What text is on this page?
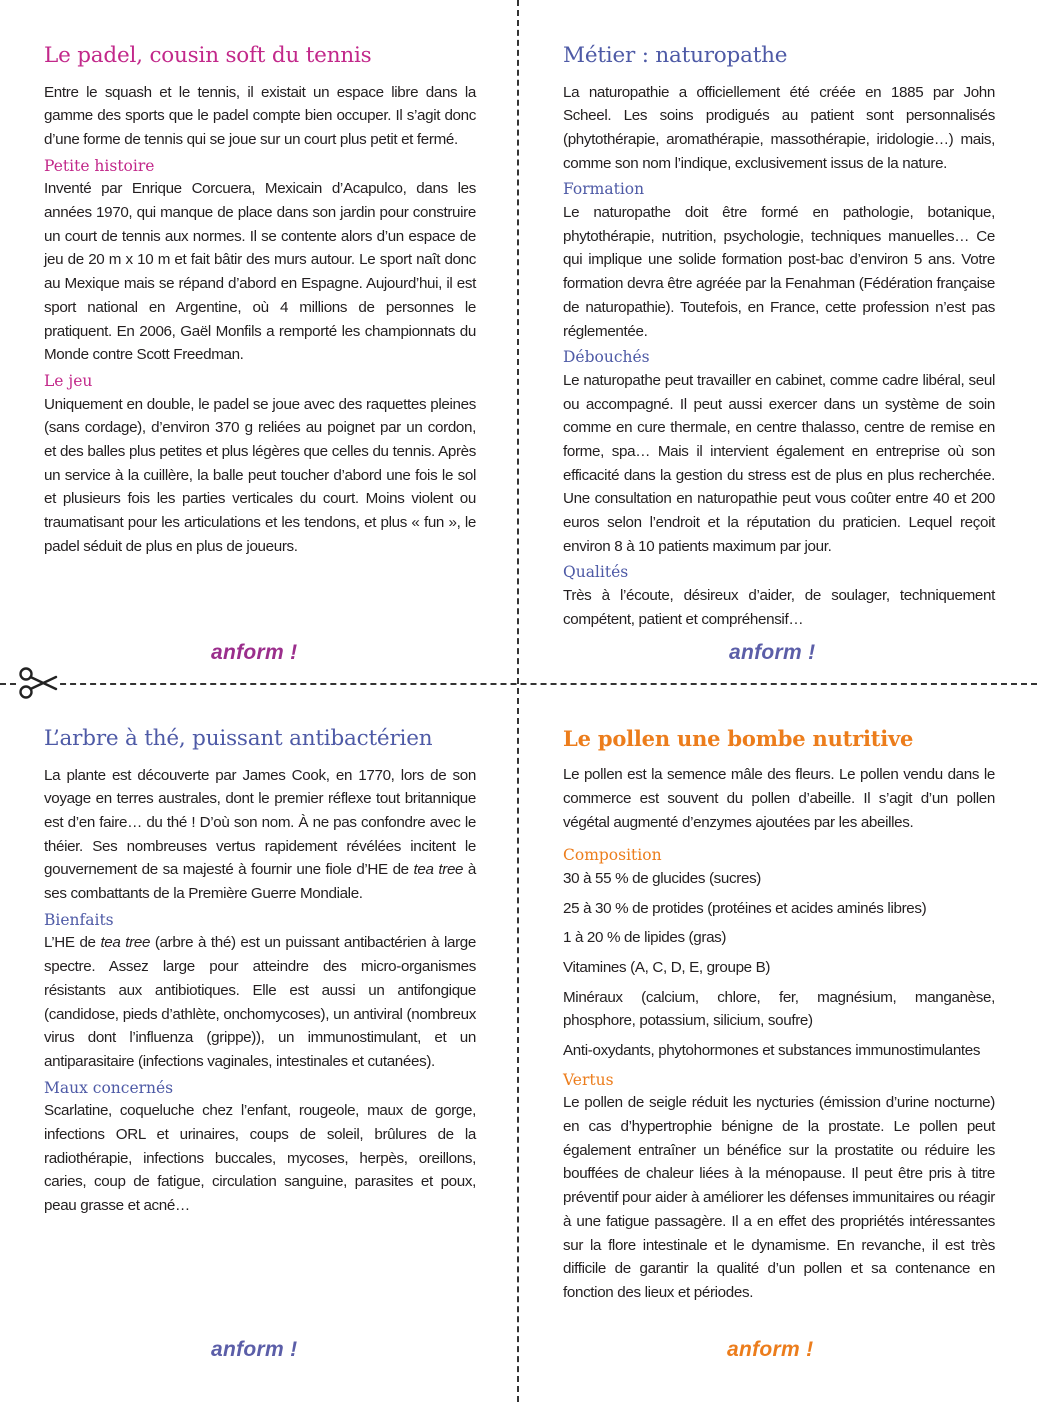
Le padel, cousin soft du tennis

Entre le squash et le tennis, il existait un espace libre dans la gamme des sports que le padel compte bien occuper. Il s’agit donc d’une forme de tennis qui se joue sur un court plus petit et fermé.

Petite histoire

Inventé par Enrique Corcuera, Mexicain d’Acapulco, dans les années 1970, qui manque de place dans son jardin pour construire un court de tennis aux normes. Il se contente alors d’un espace de jeu de 20 m x 10 m et fait bâtir des murs autour. Le sport naît donc au Mexique mais se répand d’abord en Espagne. Aujourd’hui, il est sport national en Argentine, où 4 millions de personnes le pratiquent. En 2006, Gaël Monfils a remporté les championnats du Monde contre Scott Freedman.

Le jeu

Uniquement en double, le padel se joue avec des raquettes pleines (sans cordage), d’environ 370 g reliées au poignet par un cordon, et des balles plus petites et plus légères que celles du tennis. Après un service à la cuillère, la balle peut toucher d’abord une fois le sol et plusieurs fois les parties verticales du court. Moins violent ou traumatisant pour les articulations et les tendons, et plus « fun », le padel séduit de plus en plus de joueurs.

anform !
Métier : naturopathe

La naturopathie a officiellement été créée en 1885 par John Scheel. Les soins prodigués au patient sont personnalisés (phytothérapie, aromathérapie, massothérapie, iridologie…) mais, comme son nom l’indique, exclusivement issus de la nature.

Formation

Le naturopathe doit être formé en pathologie, botanique, phytothérapie, nutrition, psychologie, techniques manuelles… Ce qui implique une solide formation post-bac d’environ 5 ans. Votre formation devra être agréée par la Fenahman (Fédération française de naturopathie). Toutefois, en France, cette profession n’est pas réglementée.

Débouchés

Le naturopathe peut travailler en cabinet, comme cadre libéral, seul ou accompagné. Il peut aussi exercer dans un système de soin comme en cure thermale, en centre thalasso, centre de remise en forme, spa… Mais il intervient également en entreprise où son efficacité dans la gestion du stress est de plus en plus recherchée. Une consultation en naturopathie peut vous coûter entre 40 et 200 euros selon l’endroit et la réputation du praticien. Lequel reçoit environ 8 à 10 patients maximum par jour.

Qualités

Très à l’écoute, désireux d’aider, de soulager, techniquement compétent, patient et compréhensif…

anform !
L’arbre à thé, puissant antibactérien

La plante est découverte par James Cook, en 1770, lors de son voyage en terres australes, dont le premier réflexe tout britannique est d’en faire… du thé ! D’où son nom. À ne pas confondre avec le théier. Ses nombreuses vertus rapidement révélées incitent le gouvernement de sa majesté à fournir une fiole d’HE de tea tree à ses combattants de la Première Guerre Mondiale.

Bienfaits

L’HE de tea tree (arbre à thé) est un puissant antibactérien à large spectre. Assez large pour atteindre des micro-organismes résistants aux antibiotiques. Elle est aussi un antifongique (candidose, pieds d’athlète, onchomycoses), un antiviral (nombreux virus dont l’influenza (grippe)), un immunostimulant, et un antiparasitaire (infections vaginales, intestinales et cutanées).

Maux concernés

Scarlatine, coqueluche chez l’enfant, rougeole, maux de gorge, infections ORL et urinaires, coups de soleil, brûlures de la radiothérapie, infections buccales, mycoses, herpès, oreillons, caries, coup de fatigue, circulation sanguine, parasites et poux, peau grasse et acné…

anform !
Le pollen une bombe nutritive

Le pollen est la semence mâle des fleurs. Le pollen vendu dans le commerce est souvent du pollen d’abeille. Il s’agit d’un pollen végétal augmenté d’enzymes ajoutées par les abeilles.

Composition
30 à 55 % de glucides (sucres)
25 à 30 % de protides (protéines et acides aminés libres)
1 à 20 % de lipides (gras)
Vitamines (A, C, D, E, groupe B)
Minéraux (calcium, chlore, fer, magnésium, manganèse, phosphore, potassium, silicium, soufre)
Anti-oxydants, phytohormones et substances immunostimulantes
Vertus

Le pollen de seigle réduit les nycturies (émission d’urine nocturne) en cas d’hypertrophie bénigne de la prostate. Le pollen peut également entraîner un bénéfice sur la prostatite ou réduire les bouffées de chaleur liées à la ménopause. Il peut être pris à titre préventif pour aider à améliorer les défenses immunitaires ou réagir à une fatigue passagère. Il a en effet des propriétés intéressantes sur la flore intestinale et le dynamisme. En revanche, il est très difficile de garantir la qualité d’un pollen et sa contenance en fonction des lieux et périodes.

anform !
